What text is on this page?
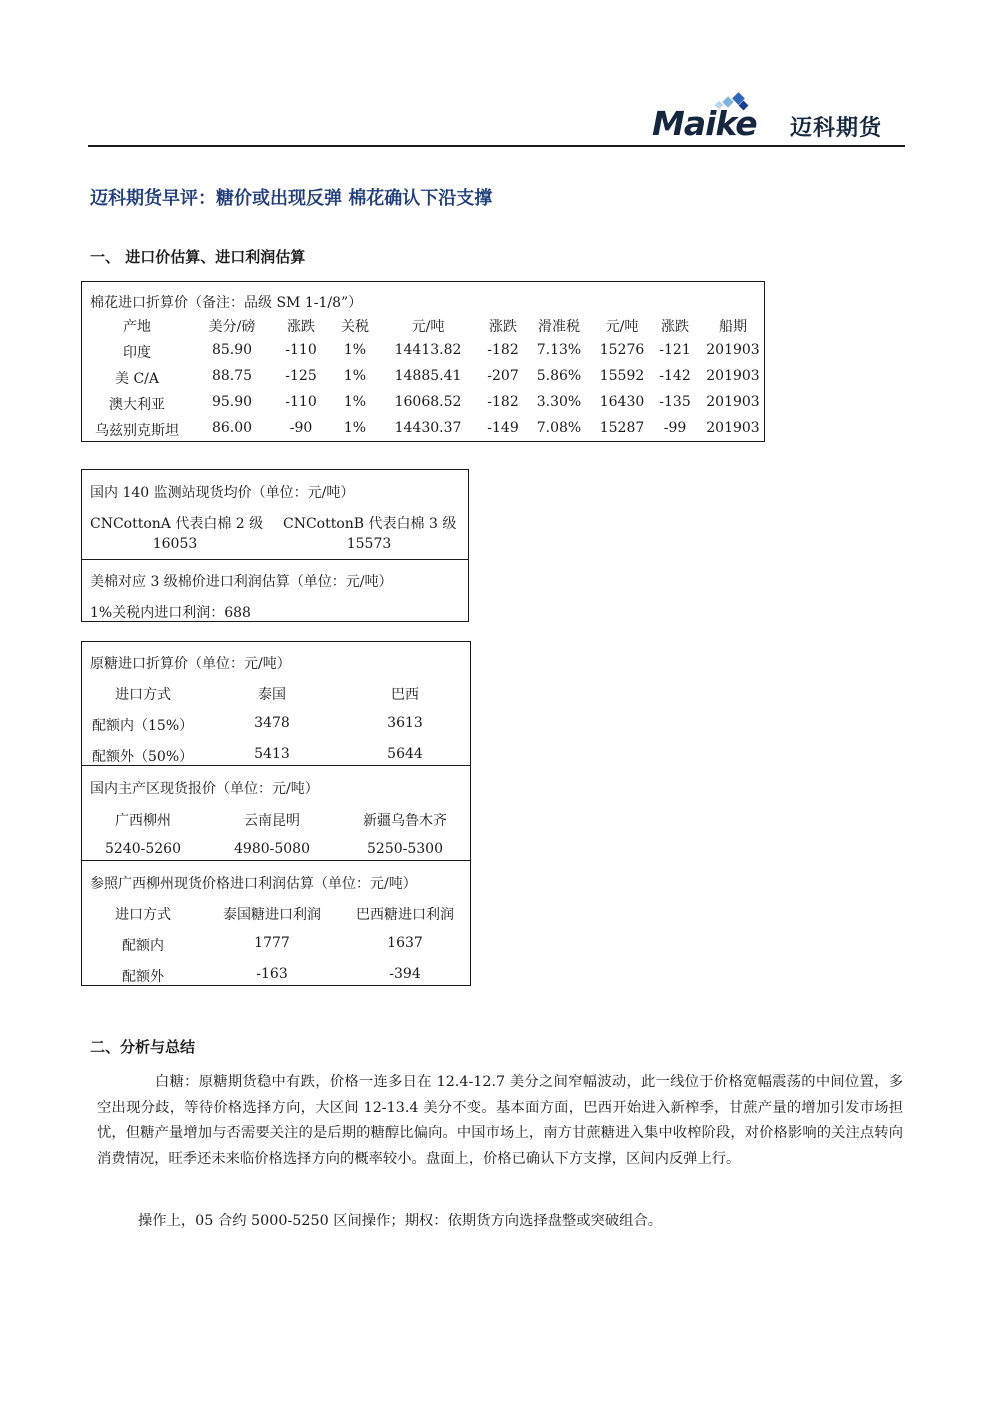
Maike 迈科期货
迈科期货早评：糖价或出现反弹 棉花确认下沿支撑
一、 进口价估算、进口利润估算
棉花进口折算价（备注：品级 SM 1-1/8”）
产地	美分/磅 涨跌 关税	元/吨	涨跌 滑准税 元/吨 涨跌 船期
印度	85.90 -110 1% 14413.82 -182 7.13% 15276 -121 201903
美 C/A	88.75 -125 1% 14885.41 -207 5.86% 15592 -142 201903
澳大利亚	95.90 -110 1% 16068.52 -182 3.30% 16430 -135 201903
乌兹别克斯坦 86.00	-90 1% 14430.37 -149 7.08% 15287 -99 201903
国内 140 监测站现货均价（单位：元/吨）
CNCottonA 代表白棉 2 级 CNCottonB 代表白棉 3 级
16053	15573
美棉对应 3 级棉价进口利润估算（单位：元/吨）
1%关税内进口利润：688
原糖进口折算价（单位：元/吨）
进口方式	泰国	巴西
配额内（15%）	3478	3613
配额外（50%）	5413	5644
国内主产区现货报价（单位：元/吨）
广西柳州	云南昆明	新疆乌鲁木齐
5240-5260	4980-5080	5250-5300
参照广西柳州现货价格进口利润估算（单位：元/吨）
进口方式	泰国糖进口利润	巴西糖进口利润
配额内	1777	1637
配额外	-163	-394
二、分析与总结
白糖：原糖期货稳中有跌，价格一连多日在 12.4-12.7 美分之间窄幅波动，此一线位于价格宽幅震荡的中间位置，多空出现分歧，等待价格选择方向，大区间 12-13.4 美分不变。基本面方面，巴西开始进入新榨季，甘蔗产量的增加引发市场担忧，但糖产量增加与否需要关注的是后期的糖醇比偏向。中国市场上，南方甘蔗糖进入集中收榨阶段，对价格影响的关注点转向消费情况，旺季还未来临价格选择方向的概率较小。盘面上，价格已确认下方支撑，区间内反弹上行。
操作上，05 合约 5000-5250 区间操作；期权：依期货方向选择盘整或突破组合。
